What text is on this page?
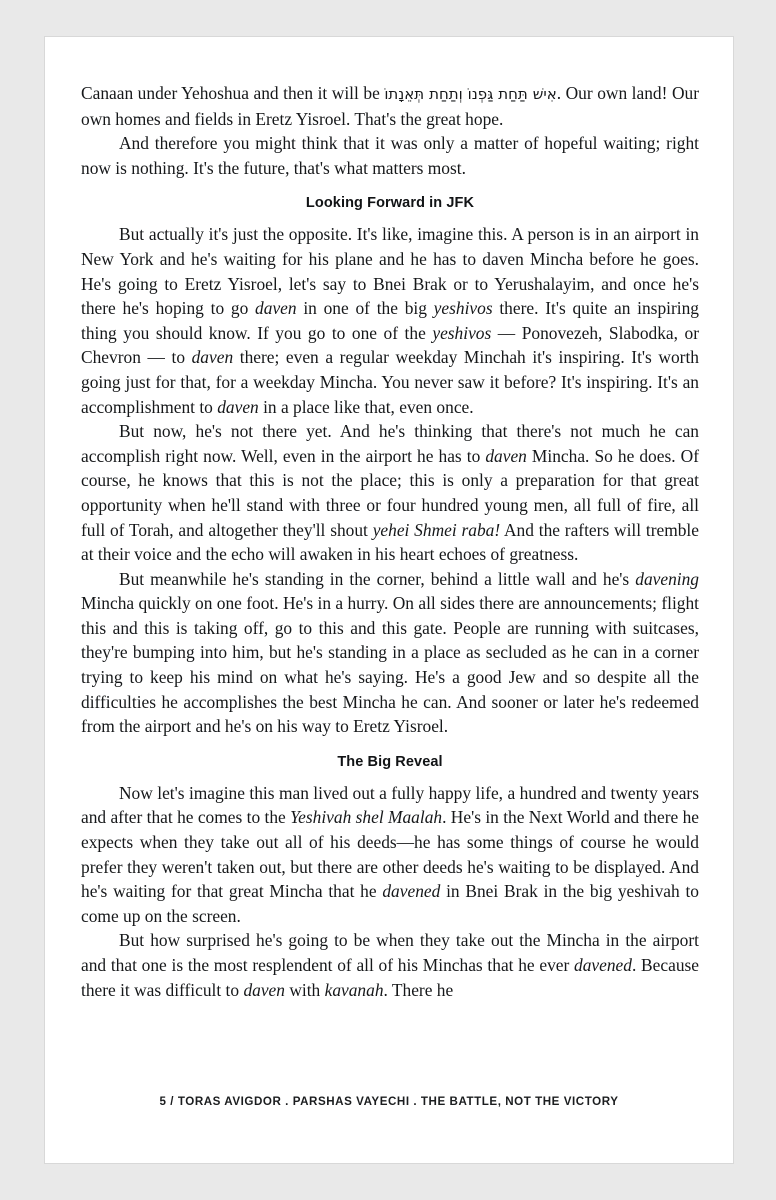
Canaan under Yehoshua and then it will be אִישׁ תַּחַת גַּפְנוֹ וְתַחַת תְּאֵנָתוֹ. Our own land! Our own homes and fields in Eretz Yisroel. That's the great hope.

And therefore you might think that it was only a matter of hopeful waiting; right now is nothing. It's the future, that's what matters most.

Looking Forward in JFK

But actually it's just the opposite. It's like, imagine this. A person is in an airport in New York and he's waiting for his plane and he has to daven Mincha before he goes. He's going to Eretz Yisroel, let's say to Bnei Brak or to Yerushalayim, and once he's there he's hoping to go daven in one of the big yeshivos there. It's quite an inspiring thing you should know. If you go to one of the yeshivos — Ponovezeh, Slabodka, or Chevron — to daven there; even a regular weekday Minchah it's inspiring. It's worth going just for that, for a weekday Mincha. You never saw it before? It's inspiring. It's an accomplishment to daven in a place like that, even once.

But now, he's not there yet. And he's thinking that there's not much he can accomplish right now. Well, even in the airport he has to daven Mincha. So he does. Of course, he knows that this is not the place; this is only a preparation for that great opportunity when he'll stand with three or four hundred young men, all full of fire, all full of Torah, and altogether they'll shout yehei Shmei raba! And the rafters will tremble at their voice and the echo will awaken in his heart echoes of greatness.

But meanwhile he's standing in the corner, behind a little wall and he's davening Mincha quickly on one foot. He's in a hurry. On all sides there are announcements; flight this and this is taking off, go to this and this gate. People are running with suitcases, they're bumping into him, but he's standing in a place as secluded as he can in a corner trying to keep his mind on what he's saying. He's a good Jew and so despite all the difficulties he accomplishes the best Mincha he can. And sooner or later he's redeemed from the airport and he's on his way to Eretz Yisroel.

The Big Reveal

Now let's imagine this man lived out a fully happy life, a hundred and twenty years and after that he comes to the Yeshivah shel Maalah. He's in the Next World and there he expects when they take out all of his deeds—he has some things of course he would prefer they weren't taken out, but there are other deeds he's waiting to be displayed. And he's waiting for that great Mincha that he davened in Bnei Brak in the big yeshivah to come up on the screen.

But how surprised he's going to be when they take out the Mincha in the airport and that one is the most resplendent of all of his Minchas that he ever davened. Because there it was difficult to daven with kavanah. There he

5 / TORAS AVIGDOR . PARSHAS VAYECHI . THE BATTLE, NOT THE VICTORY
